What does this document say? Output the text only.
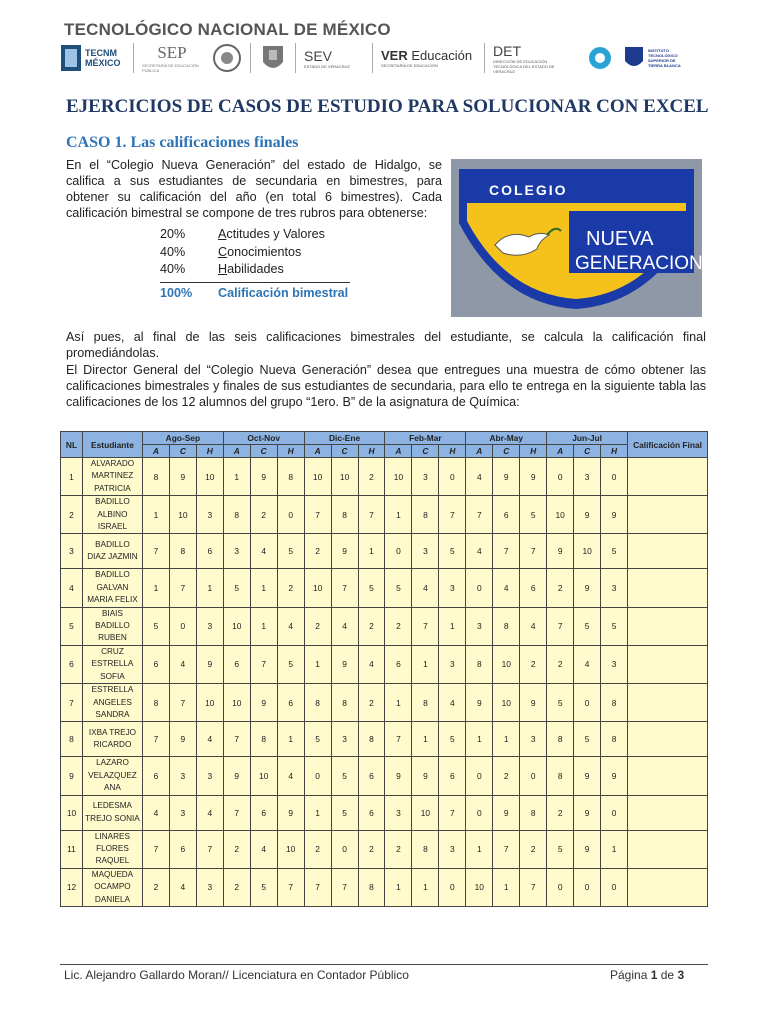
TECNOLÓGICO NACIONAL DE MÉXICO
TECNM MÉXICO
SEP
SECRETARÍA DE EDUCACIÓN PÚBLICA
SEV
ESTADO DE VERACRUZ
VER Educación
SECRETARÍA DE EDUCACIÓN
DET
DIRECCIÓN DE EDUCACIÓN TECNOLÓGICA DEL ESTADO DE VERACRUZ
INSTITUTO TECNOLÓGICO SUPERIOR DE TIERRA BLANCA
EJERCICIOS DE CASOS DE ESTUDIO PARA SOLUCIONAR CON EXCEL
CASO 1. Las calificaciones finales
En el “Colegio Nueva Generación” del estado de Hidalgo, se califica a sus estudiantes de secundaria en bimestres, para obtener su calificación del año (en total 6 bimestres). Cada calificación bimestral se compone de tres rubros para obtenerse:
20%	Actitudes y Valores
40%	Conocimientos
40%	Habilidades
100%	Calificación bimestral
COLEGIO
NUEVA
GENERACION
Así pues, al final de las seis calificaciones bimestrales del estudiante, se calcula la calificación final promediándolas.
El Director General del “Colegio Nueva Generación” desea que entregues una muestra de cómo obtener las calificaciones bimestrales y finales de sus estudiantes de secundaria, para ello te entrega en la siguiente tabla las calificaciones de los 12 alumnos del grupo “1ero. B” de la asignatura de Química:
NL	Estudiante	Ago-Sep			Oct-Nov			Dic-Ene			Feb-Mar			Abr-May			Jun-Jul			Calificación Final
		A	C	H	A	C	H	A	C	H	A	C	H	A	C	H	A	C	H	
1	ALVARADO MARTINEZ PATRICIA	8	9	10	1	9	8	10	10	2	10	3	0	4	9	9	0	3	0	
2	BADILLO ALBINO ISRAEL	1	10	3	8	2	0	7	8	7	1	8	7	7	6	5	10	9	9	
3	BADILLO DIAZ JAZMIN	7	8	6	3	4	5	2	9	1	0	3	5	4	7	7	9	10	5	
4	BADILLO GALVAN MARIA FELIX	1	7	1	5	1	2	10	7	5	5	4	3	0	4	6	2	9	3	
5	BIAIS BADILLO RUBEN	5	0	3	10	1	4	2	4	2	2	7	1	3	8	4	7	5	5	
6	CRUZ ESTRELLA SOFIA	6	4	9	6	7	5	1	9	4	6	1	3	8	10	2	2	4	3	
7	ESTRELLA ANGELES SANDRA	8	7	10	10	9	6	8	8	2	1	8	4	9	10	9	5	0	8	
8	IXBA TREJO RICARDO	7	9	4	7	8	1	5	3	8	7	1	5	1	1	3	8	5	8	
9	LAZARO VELAZQUEZ ANA	6	3	3	9	10	4	0	5	6	9	9	6	0	2	0	8	9	9	
10	LEDESMA TREJO SONIA	4	3	4	7	6	9	1	5	6	3	10	7	0	9	8	2	9	0	
11	LINARES FLORES RAQUEL	7	6	7	2	4	10	2	0	2	2	8	3	1	7	2	5	9	1	
12	MAQUEDA OCAMPO DANIELA	2	4	3	2	5	7	7	7	8	1	1	0	10	1	7	0	0	0	
Lic. Alejandro Gallardo Moran// Licenciatura en Contador Público	Página 1 de 3
